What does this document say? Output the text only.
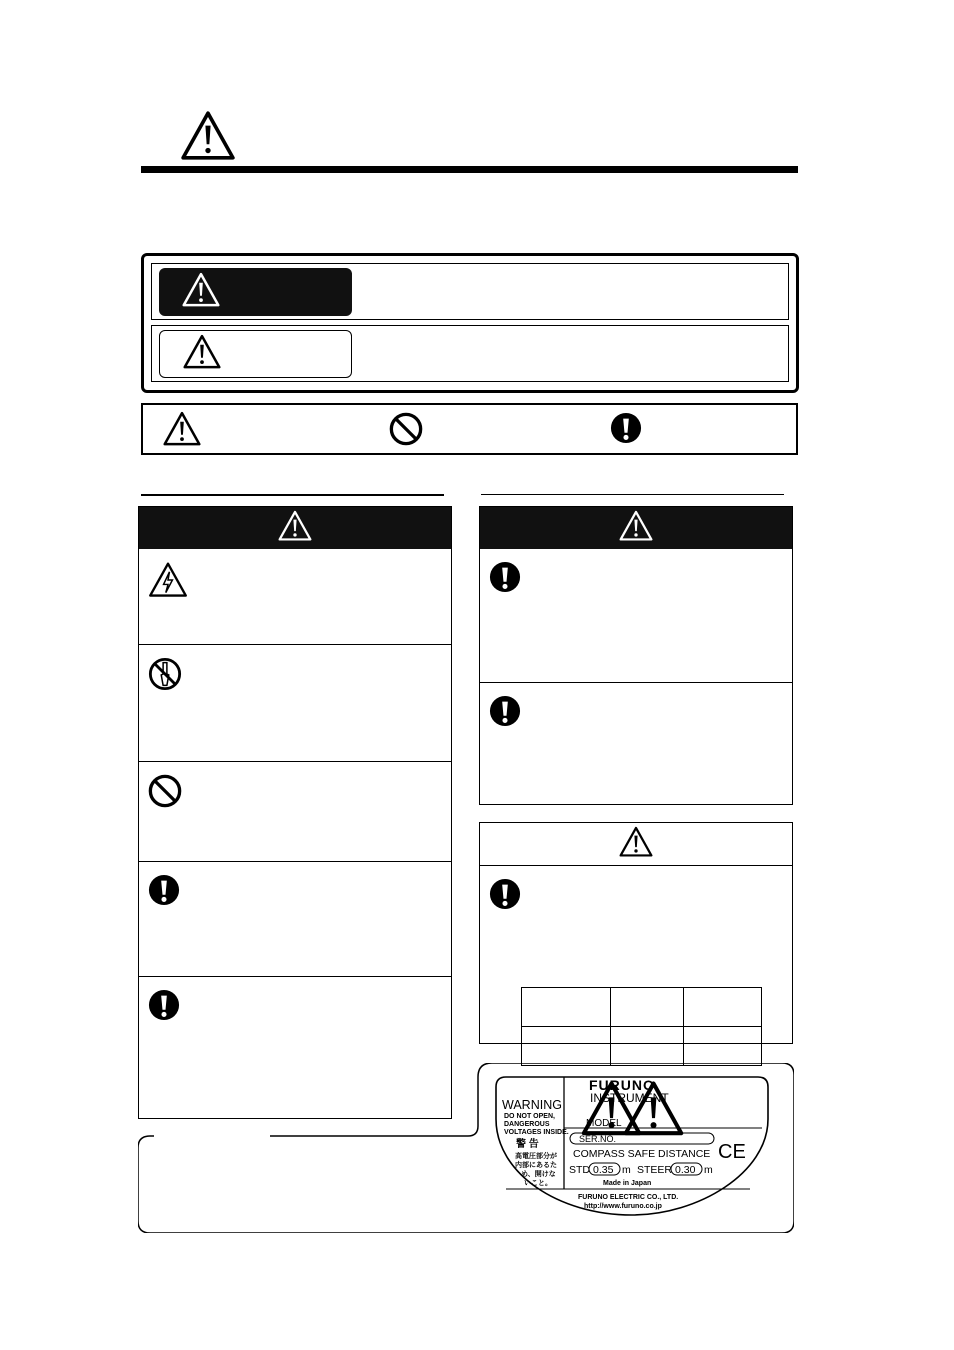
WARNING
DO NOT OPEN,
DANGEROUS
VOLTAGES INSIDE.
警 告
高電圧部分が
内部にあるた
め、開けな
いこと。
FURUNO
INSTRUMENT
MODEL
SER.NO.
COMPASS SAFE DISTANCE CE
STD 0.35 m STEER 0.30 m
Made in Japan
FURUNO ELECTRIC CO., LTD.
http://www.furuno.co.jp
